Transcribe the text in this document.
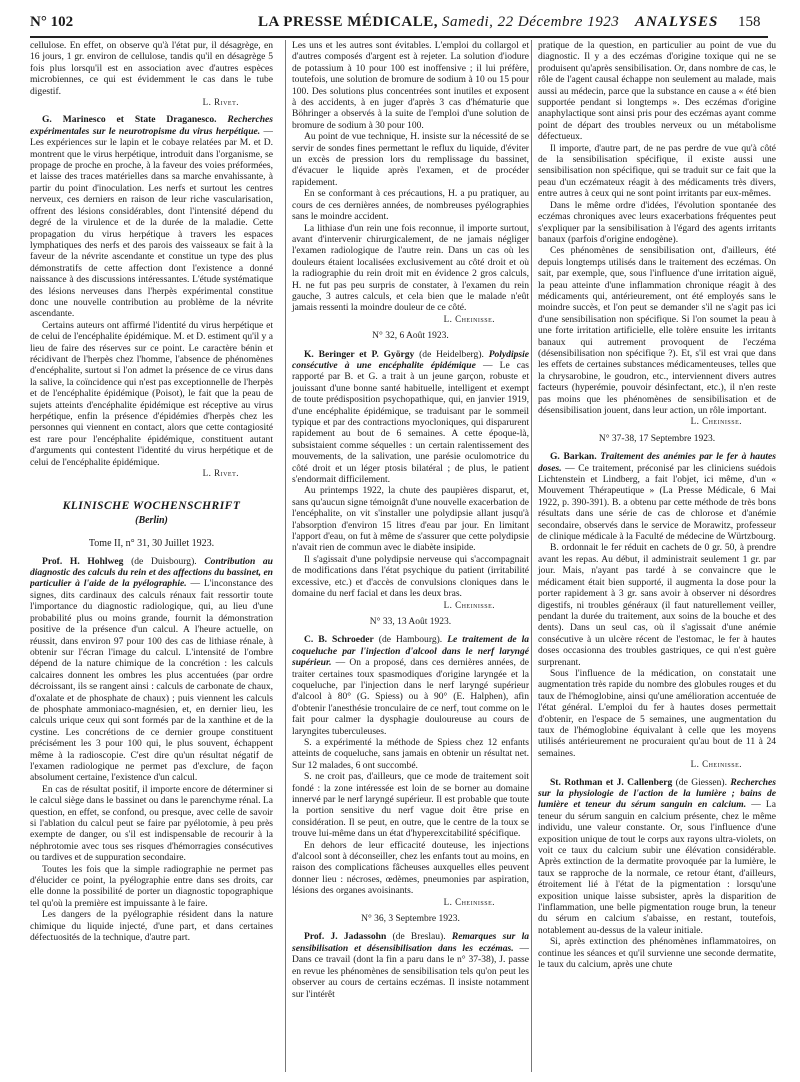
N° 102	LA PRESSE MÉDICALE, Samedi, 22 Décembre 1923 ANALYSES 158

cellulose. En effet, on observe qu'à l'état pur, il désagrège, en 16 jours, 1 gr. environ de cellulose, tandis qu'il en désagrège 5 fois plus lorsqu'il est en association avec d'autres espèces microbiennes, ce qui est évidemment le cas dans le tube digestif.

L. Rivet.

G. Marinesco et State Draganesco. Recherches expérimentales sur le neurotropisme du virus herpétique. — Les expériences sur le lapin et le cobaye relatées par M. et D. montrent que le virus herpétique, introduit dans l'organisme, se propage de proche en proche, à la faveur des voies préformées, et laisse des traces matérielles dans sa marche envahissante, à partir du point d'inoculation. Les nerfs et surtout les centres nerveux, ces derniers en raison de leur riche vascularisation, offrent des lésions considérables, dont l'intensité dépend du degré de la virulence et de la durée de la maladie. Cette propagation du virus herpétique à travers les espaces lymphatiques des nerfs et des parois des vaisseaux se fait à la faveur de la névrite ascendante et constitue un type des plus démonstratifs de cette affection dont l'existence a donné naissance à des discussions intéressantes. L'étude systématique des lésions nerveuses dans l'herpès expérimental constitue donc une nouvelle contribution au problème de la névrite ascendante.

Certains auteurs ont affirmé l'identité du virus herpétique et de celui de l'encéphalite épidémique. M. et D. estiment qu'il y a lieu de faire des réserves sur ce point. Le caractère bénin et récidivant de l'herpès chez l'homme, l'absence de phénomènes d'encéphalite, surtout si l'on admet la présence de ce virus dans la salive, la coïncidence qui n'est pas exceptionnelle de l'herpès et de l'encéphalite épidémique (Poisot), le fait que la peau de sujets atteints d'encéphalite épidémique est réceptive au virus herpétique, enfin la présence d'épidémies d'herpès chez les personnes qui viennent en contact, alors que cette contagiosité est rare pour l'encéphalite épidémique, constituent autant d'arguments qui contestent l'identité du virus herpétique et de celui de l'encéphalite épidémique.

L. Rivet.

KLINISCHE WOCHENSCHRIFT
(Berlin)
Tome II, n° 31, 30 Juillet 1923.

Prof. H. Hohlweg (de Duisbourg). Contribution au diagnostic des calculs du rein et des affections du bassinet, en particulier à l'aide de la pyélographie. — L'inconstance des signes, dits cardinaux des calculs rénaux fait ressortir toute l'importance du diagnostic radiologique, qui, au lieu d'une probabilité plus ou moins grande, fournit la démonstration positive de la présence d'un calcul. A l'heure actuelle, on réussit, dans environ 97 pour 100 des cas de lithiase rénale, à obtenir sur l'écran l'image du calcul. L'intensité de l'ombre dépend de la nature chimique de la concrétion : les calculs calcaires donnent les ombres les plus accentuées (par ordre décroissant, ils se rangent ainsi : calculs de carbonate de chaux, d'oxalate et de phosphate de chaux) ; puis viennent les calculs de phosphate ammoniaco-magnésien, et, en dernier lieu, les calculs urique ceux qui sont formés par de la xanthine et de la cystine. Les concrétions de ce dernier groupe constituent précisément les 3 pour 100 qui, le plus souvent, échappent même à la radioscopie. C'est dire qu'un résultat négatif de l'examen radiologique ne permet pas d'exclure, de façon absolument certaine, l'existence d'un calcul.

En cas de résultat positif, il importe encore de déterminer si le calcul siège dans le bassinet ou dans le parenchyme rénal. La question, en effet, se confond, ou presque, avec celle de savoir si l'ablation du calcul peut se faire par pyélotomie, à peu près exempte de danger, ou s'il est indispensable de recourir à la néphrotomie avec tous ses risques d'hémorragies consécutives ou tardives et de suppuration secondaire.

Toutes les fois que la simple radiographie ne permet pas d'élucider ce point, la pyélographie entre dans ses droits, car elle donne la possibilité de porter un diagnostic topographique tel qu'où la première est impuissante à le faire.

Les dangers de la pyélographie résident dans la nature chimique du liquide injecté, d'une part, et dans certaines défectuosités de la technique, d'autre part.

Les uns et les autres sont évitables. L'emploi du collargol et d'autres composés d'argent est à rejeter. La solution d'iodure de potassium à 10 pour 100 est inoffensive ; il lui préfère, toutefois, une solution de bromure de sodium à 10 ou 15 pour 100. Des solutions plus concentrées sont inutiles et exposent à des accidents, à en juger d'après 3 cas d'hématurie que Böhringer a observés à la suite de l'emploi d'une solution de bromure de sodium à 30 pour 100.

Au point de vue technique, H. insiste sur la nécessité de se servir de sondes fines permettant le reflux du liquide, d'éviter un excès de pression lors du remplissage du bassinet, d'évacuer le liquide après l'examen, et de procéder rapidement.

En se conformant à ces précautions, H. a pu pratiquer, au cours de ces dernières années, de nombreuses pyélographies sans le moindre accident.

La lithiase d'un rein une fois reconnue, il importe surtout, avant d'intervenir chirurgicalement, de ne jamais négliger l'examen radiologique de l'autre rein. Dans un cas où les douleurs étaient localisées exclusivement au côté droit et où la radiographie du rein droit mit en évidence 2 gros calculs, H. ne fut pas peu surpris de constater, à l'examen du rein gauche, 3 autres calculs, et cela bien que le malade n'eût jamais ressenti la moindre douleur de ce côté.

L. Cheinisse.

N° 32, 6 Août 1923.

K. Beringer et P. György (de Heidelberg). Polydipsie consécutive à une encéphalite épidémique — Le cas rapporté par B. et G. a trait à un jeune garçon, robuste et jouissant d'une bonne santé habituelle, intelligent et exempt de toute prédisposition psychopathique, qui, en janvier 1919, d'une encéphalite épidémique, se traduisant par le sommeil typique et par des contractions myocloniques, qui disparurent rapidement au bout de 6 semaines. A cette époque-là, subsistaient comme séquelles : un certain ralentissement des mouvements, de la salivation, une parésie oculomotrice du côté droit et un léger ptosis bilatéral ; de plus, le patient s'endormait difficilement.

Au printemps 1922, la chute des paupières disparut, et, sans qu'aucun signe témoignât d'une nouvelle exacerbation de l'encéphalite, on vit s'installer une polydipsie allant jusqu'à l'absorption d'environ 15 litres d'eau par jour. En limitant l'apport d'eau, on fut à même de s'assurer que cette polydipsie n'avait rien de commun avec le diabète insipide.

Il s'agissait d'une polydipsie nerveuse qui s'accompagnait de modifications dans l'état psychique du patient (irritabilité excessive, etc.) et d'accès de convulsions cloniques dans le domaine du nerf facial et dans les deux bras.

L. Cheinisse.

N° 33, 13 Août 1923.

C. B. Schroeder (de Hambourg). Le traitement de la coqueluche par l'injection d'alcool dans le nerf laryngé supérieur. — On a proposé, dans ces dernières années, de traiter certaines toux spasmodiques d'origine laryngée et la coqueluche, par l'injection dans le nerf laryngé supérieur d'alcool à 80° (G. Spiess) ou à 90° (E. Halphen), afin d'obtenir l'anesthésie tronculaire de ce nerf, tout comme on le fait pour calmer la dysphagie douloureuse au cours de laryngites tuberculeuses.

S. a expérimenté la méthode de Spiess chez 12 enfants atteints de coqueluche, sans jamais en obtenir un résultat net. Sur 12 malades, 6 ont succombé.

S. ne croit pas, d'ailleurs, que ce mode de traitement soit fondé : la zone intéressée est loin de se borner au domaine innervé par le nerf laryngé supérieur. Il est probable que toute la portion sensitive du nerf vague doit être prise en considération. Il se peut, en outre, que le centre de la toux se trouve lui-même dans un état d'hyperexcitabilité spécifique.

En dehors de leur efficacité douteuse, les injections d'alcool sont à déconseiller, chez les enfants tout au moins, en raison des complications fâcheuses auxquelles elles peuvent donner lieu : nécroses, œdèmes, pneumonies par aspiration, lésions des organes avoisinants.

L. Cheinisse.

N° 36, 3 Septembre 1923.

Prof. J. Jadassohn (de Breslau). Remarques sur la sensibilisation et désensibilisation dans les eczémas. — Dans ce travail (dont la fin a paru dans le n° 37-38), J. passe en revue les phénomènes de sensibilisation tels qu'on peut les observer au cours de certains eczémas. Il insiste notamment sur l'intérêt

pratique de la question, en particulier au point de vue du diagnostic. Il y a des eczémas d'origine toxique qui ne se produisent qu'après sensibilisation. Or, dans nombre de cas, le rôle de l'agent causal échappe non seulement au malade, mais aussi au médecin, parce que la substance en cause a « été bien supportée pendant si longtemps ». Des eczémas d'origine anaphylactique sont ainsi pris pour des eczémas ayant comme point de départ des troubles nerveux ou un métabolisme défectueux.

Il importe, d'autre part, de ne pas perdre de vue qu'à côté de la sensibilisation spécifique, il existe aussi une sensibilisation non spécifique, qui se traduit sur ce fait que la peau d'un eczémateux réagit à des médicaments très divers, entre autres à ceux qui ne sont point irritants par eux-mêmes.

Dans le même ordre d'idées, l'évolution spontanée des eczémas chroniques avec leurs exacerbations fréquentes peut s'expliquer par la sensibilisation à l'égard des agents irritants banaux (parfois d'origine endogène).

Ces phénomènes de sensibilisation ont, d'ailleurs, été depuis longtemps utilisés dans le traitement des eczémas. On sait, par exemple, que, sous l'influence d'une irritation aiguë, la peau atteinte d'une inflammation chronique réagit à des médicaments qui, antérieurement, ont été employés sans le moindre succès, et l'on peut se demander s'il ne s'agit pas ici d'une sensibilisation non spécifique. Si l'on soumet la peau à une forte irritation artificielle, elle tolère ensuite les irritants banaux qui autrement provoquent de l'eczéma (désensibilisation non spécifique ?). Et, s'il est vrai que dans les effets de certaines substances médicamenteuses, telles que la chrysarobine, le goudron, etc., interviennent divers autres facteurs (hyperémie, pouvoir désinfectant, etc.), il n'en reste pas moins que les phénomènes de sensibilisation et de désensibilisation jouent, dans leur action, un rôle important.

L. Cheinisse.

N° 37-38, 17 Septembre 1923.

G. Barkan. Traitement des anémies par le fer à hautes doses. — Ce traitement, préconisé par les cliniciens suédois Lichtenstein et Lindberg, a fait l'objet, ici même, d'un « Mouvement Thérapeutique » (La Presse Médicale, 6 Mai 1922, p. 390-391). B. a obtenu par cette méthode de très bons résultats dans une série de cas de chlorose et d'anémie secondaire, observés dans le service de Morawitz, professeur de clinique médicale à la Faculté de médecine de Würtzbourg.

B. ordonnait le fer réduit en cachets de 0 gr. 50, à prendre avant les repas. Au début, il administrait seulement 1 gr. par jour. Mais, n'ayant pas tardé à se convaincre que le médicament était bien supporté, il augmenta la dose pour la porter rapidement à 3 gr. sans avoir à observer ni désordres digestifs, ni troubles généraux (il faut naturellement veiller, pendant la durée du traitement, aux soins de la bouche et des dents). Dans un seul cas, où il s'agissait d'une anémie consécutive à un ulcère récent de l'estomac, le fer à hautes doses occasionna des troubles gastriques, ce qui n'est guère surprenant.

Sous l'influence de la médication, on constatait une augmentation très rapide du nombre des globules rouges et du taux de l'hémoglobine, ainsi qu'une amélioration accentuée de l'état général. L'emploi du fer à hautes doses permettait d'obtenir, en l'espace de 5 semaines, une augmentation du taux de l'hémoglobine équivalant à celle que les moyens utilisés antérieurement ne procuraient qu'au bout de 11 à 24 semaines.

L. Cheinisse.

St. Rothman et J. Callenberg (de Giessen). Recherches sur la physiologie de l'action de la lumière ; bains de lumière et teneur du sérum sanguin en calcium. — La teneur du sérum sanguin en calcium présente, chez le même individu, une valeur constante. Or, sous l'influence d'une exposition unique de tout le corps aux rayons ultra-violets, on voit ce taux du calcium subir une élévation considérable. Après extinction de la dermatite provoquée par la lumière, le taux se rapproche de la normale, ce retour étant, d'ailleurs, étroitement lié à l'état de la pigmentation : lorsqu'une exposition unique laisse subsister, après la disparition de l'inflammation, une belle pigmentation rouge brun, la teneur du sérum en calcium s'abaisse, en restant, toutefois, notablement au-dessus de la valeur initiale.

Si, après extinction des phénomènes inflammatoires, on continue les séances et qu'il survienne une seconde dermatite, le taux du calcium, après une chute
